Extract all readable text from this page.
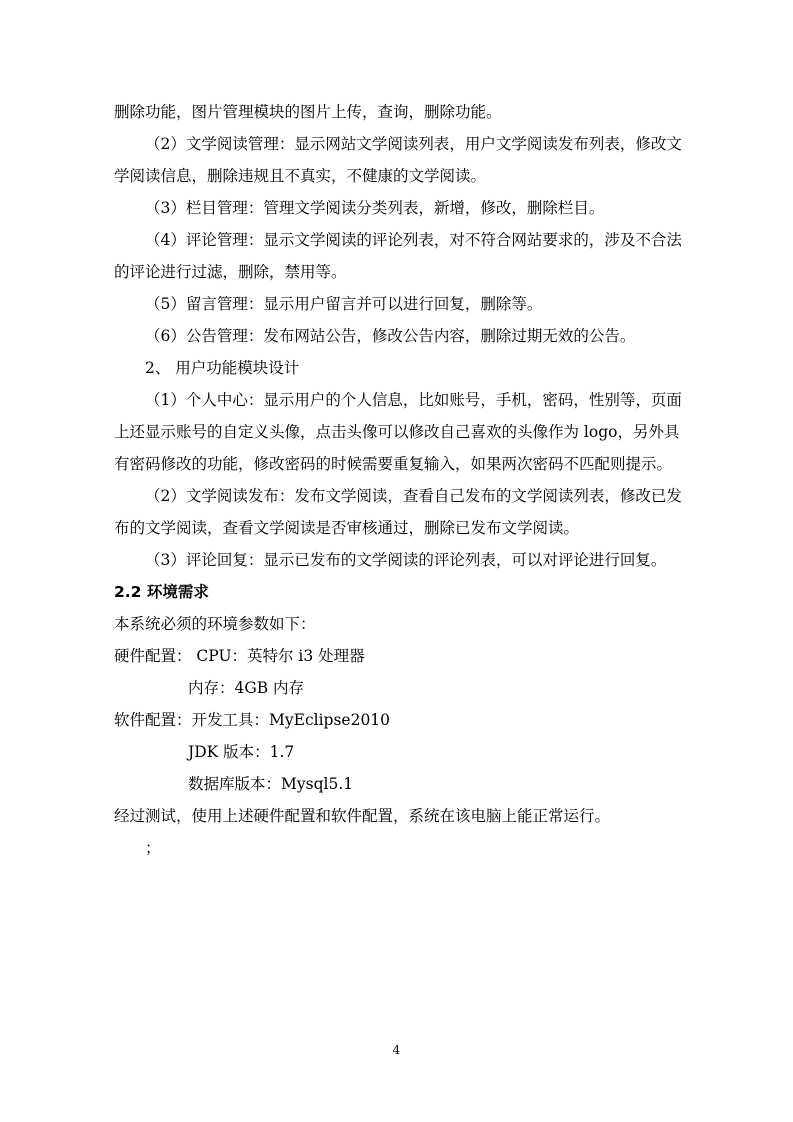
删除功能，图片管理模块的图片上传，查询，删除功能。
（2）文学阅读管理：显示网站文学阅读列表，用户文学阅读发布列表，修改文
学阅读信息，删除违规且不真实，不健康的文学阅读。
（3）栏目管理：管理文学阅读分类列表，新增，修改，删除栏目。
（4）评论管理：显示文学阅读的评论列表，对不符合网站要求的，涉及不合法
的评论进行过滤，删除，禁用等。
（5）留言管理：显示用户留言并可以进行回复，删除等。
（6）公告管理：发布网站公告，修改公告内容，删除过期无效的公告。
2、 用户功能模块设计
（1）个人中心：显示用户的个人信息，比如账号，手机，密码，性别等，页面
上还显示账号的自定义头像，点击头像可以修改自己喜欢的头像作为 logo，另外具
有密码修改的功能，修改密码的时候需要重复输入，如果两次密码不匹配则提示。
（2）文学阅读发布：发布文学阅读，查看自己发布的文学阅读列表，修改已发
布的文学阅读，查看文学阅读是否审核通过，删除已发布文学阅读。
（3）评论回复：显示已发布的文学阅读的评论列表，可以对评论进行回复。
2.2 环境需求
本系统必须的环境参数如下：
硬件配置： CPU：英特尔 i3 处理器
内存：4GB 内存
软件配置：开发工具：MyEclipse2010
JDK 版本：1.7
数据库版本：Mysql5.1
经过测试，使用上述硬件配置和软件配置，系统在该电脑上能正常运行。
；
4
